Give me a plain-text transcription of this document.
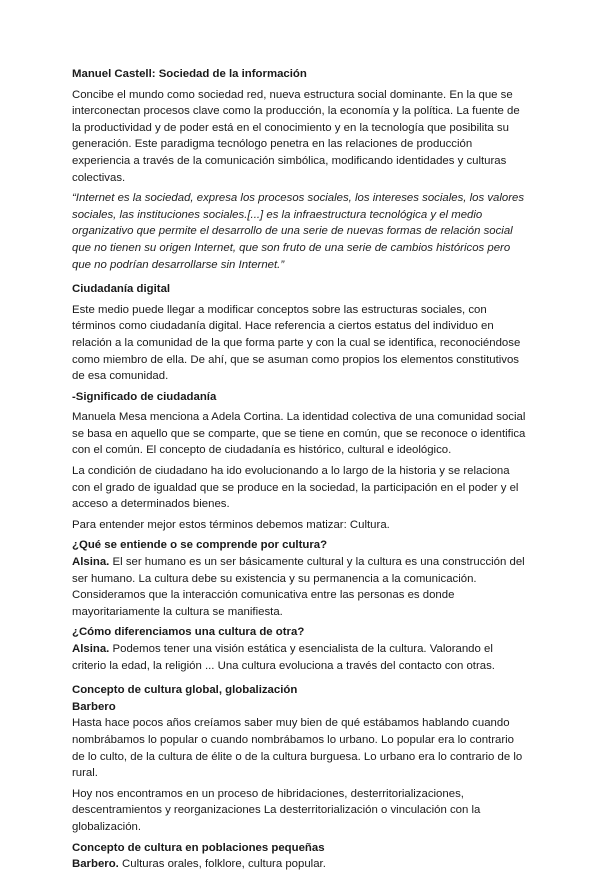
Manuel Castell: Sociedad de la información

Concibe el mundo como sociedad red, nueva estructura social dominante. En la que se interconectan procesos clave como la producción, la economía y la política. La fuente de la productividad y de poder está en el conocimiento y en la tecnología que posibilita su generación. Este paradigma tecnólogo penetra en las relaciones de producción experiencia a través de la comunicación simbólica, modificando identidades y culturas colectivas.

“Internet es la sociedad, expresa los procesos sociales, los intereses sociales, los valores sociales, las instituciones sociales.[...] es la infraestructura tecnológica y el medio organizativo que permite el desarrollo de una serie de nuevas formas de relación social que no tienen su origen Internet, que son fruto de una serie de cambios históricos pero que no podrían desarrollarse sin Internet.”

Ciudadanía digital

Este medio puede llegar a modificar conceptos sobre las estructuras sociales, con términos como ciudadanía digital. Hace referencia a ciertos estatus del individuo en relación a la comunidad de la que forma parte y con la cual se identifica, reconociéndose como miembro de ella. De ahí, que se asuman como propios los elementos constitutivos de esa comunidad.

-Significado de ciudadanía

Manuela Mesa menciona a Adela Cortina. La identidad colectiva de una comunidad social se basa en aquello que se comparte, que se tiene en común, que se reconoce o identifica con el común. El concepto de ciudadanía es histórico, cultural e ideológico.

La condición de ciudadano ha ido evolucionando a lo largo de la historia y se relaciona con el grado de igualdad que se produce en la sociedad, la participación en el poder y el acceso a determinados bienes.

Para entender mejor estos términos debemos matizar: Cultura.

¿Qué se entiende o se comprende por cultura?

Alsina. El ser humano es un ser básicamente cultural y la cultura es una construcción del ser humano. La cultura debe su existencia y su permanencia a la comunicación. Consideramos que la interacción comunicativa entre las personas es donde mayoritariamente la cultura se manifiesta.

¿Cómo diferenciamos una cultura de otra?

Alsina. Podemos tener una visión estática y esencialista de la cultura. Valorando el criterio la edad, la religión ... Una cultura evoluciona a través del contacto con otras.

Concepto de cultura global, globalización

Barbero

Hasta hace pocos años creíamos saber muy bien de qué estábamos hablando cuando nombrábamos lo popular o cuando nombrábamos lo urbano. Lo popular era lo contrario de lo culto, de la cultura de élite o de la cultura burguesa. Lo urbano era lo contrario de lo rural.

Hoy nos encontramos en un proceso de hibridaciones, desterritorializaciones, descentramientos y reorganizaciones La desterritorialización o vinculación con la globalización.

Concepto de cultura en poblaciones pequeñas

Barbero. Culturas orales, folklore, cultura popular.
